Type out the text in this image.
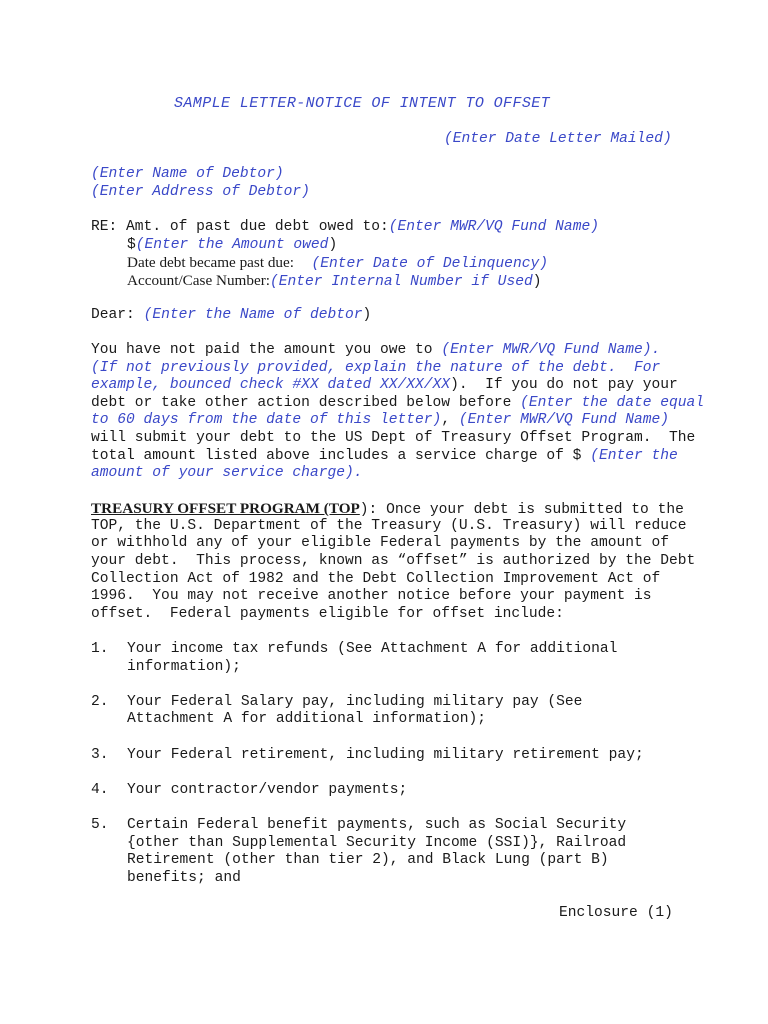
SAMPLE LETTER-NOTICE OF INTENT TO OFFSET
(Enter Date Letter Mailed)
(Enter Name of Debtor)
(Enter Address of Debtor)
RE: Amt. of past due debt owed to:(Enter MWR/VQ Fund Name)
$(Enter the Amount owed)
Date debt became past due: (Enter Date of Delinquency)
Account/Case Number:(Enter Internal Number if Used)
Dear: (Enter the Name of debtor)
You have not paid the amount you owe to (Enter MWR/VQ Fund Name).
(If not previously provided, explain the nature of the debt.  For
example, bounced check #XX dated XX/XX/XX).  If you do not pay your
debt or take other action described below before (Enter the date equal
to 60 days from the date of this letter), (Enter MWR/VQ Fund Name)
will submit your debt to the US Dept of Treasury Offset Program.  The
total amount listed above includes a service charge of $ (Enter the
amount of your service charge).
TREASURY OFFSET PROGRAM (TOP): Once your debt is submitted to the
TOP, the U.S. Department of the Treasury (U.S. Treasury) will reduce
or withhold any of your eligible Federal payments by the amount of
your debt.  This process, known as “offset” is authorized by the Debt
Collection Act of 1982 and the Debt Collection Improvement Act of
1996.  You may not receive another notice before your payment is
offset.  Federal payments eligible for offset include:
1. Your income tax refunds (See Attachment A for additional
information);
2. Your Federal Salary pay, including military pay (See
Attachment A for additional information);
3. Your Federal retirement, including military retirement pay;
4. Your contractor/vendor payments;
5. Certain Federal benefit payments, such as Social Security
{other than Supplemental Security Income (SSI)}, Railroad
Retirement (other than tier 2), and Black Lung (part B)
benefits; and
Enclosure (1)
